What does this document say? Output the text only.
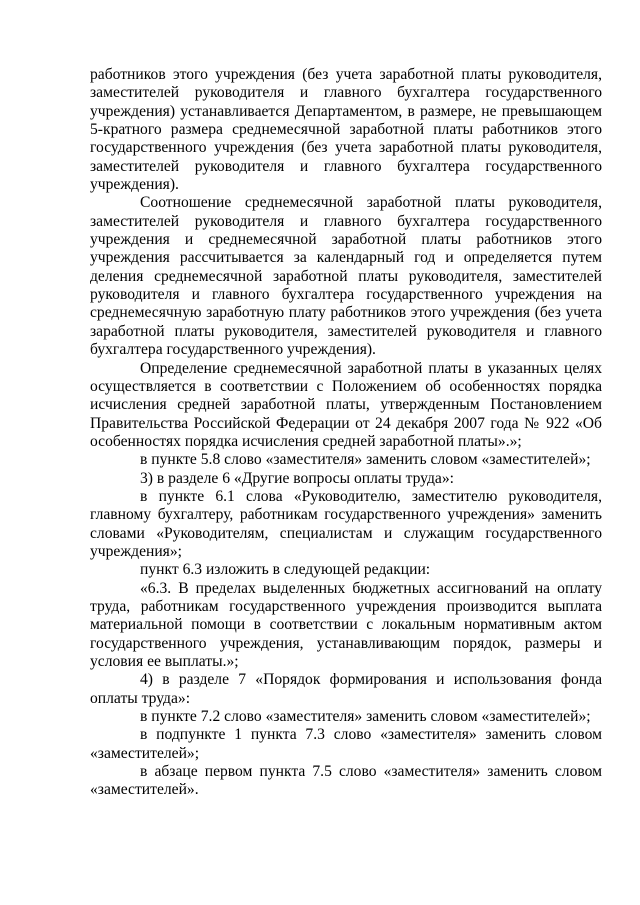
работников этого учреждения (без учета заработной платы руководителя, заместителей руководителя и главного бухгалтера государственного учреждения) устанавливается Департаментом, в размере, не превышающем 5-кратного размера среднемесячной заработной платы работников этого государственного учреждения (без учета заработной платы руководителя, заместителей руководителя и главного бухгалтера государственного учреждения).

Соотношение среднемесячной заработной платы руководителя, заместителей руководителя и главного бухгалтера государственного учреждения и среднемесячной заработной платы работников этого учреждения рассчитывается за календарный год и определяется путем деления среднемесячной заработной платы руководителя, заместителей руководителя и главного бухгалтера государственного учреждения на среднемесячную заработную плату работников этого учреждения (без учета заработной платы руководителя, заместителей руководителя и главного бухгалтера государственного учреждения).

Определение среднемесячной заработной платы в указанных целях осуществляется в соответствии с Положением об особенностях порядка исчисления средней заработной платы, утвержденным Постановлением Правительства Российской Федерации от 24 декабря 2007 года № 922 «Об особенностях порядка исчисления средней заработной платы».»;

в пункте 5.8 слово «заместителя» заменить словом «заместителей»;

3) в разделе 6 «Другие вопросы оплаты труда»:

в пункте 6.1 слова «Руководителю, заместителю руководителя, главному бухгалтеру, работникам государственного учреждения» заменить словами «Руководителям, специалистам и служащим государственного учреждения»;

пункт 6.3 изложить в следующей редакции:

«6.3. В пределах выделенных бюджетных ассигнований на оплату труда, работникам государственного учреждения производится выплата материальной помощи в соответствии с локальным нормативным актом государственного учреждения, устанавливающим порядок, размеры и условия ее выплаты.»;

4) в разделе 7 «Порядок формирования и использования фонда оплаты труда»:

в пункте 7.2 слово «заместителя» заменить словом «заместителей»;

в подпункте 1 пункта 7.3 слово «заместителя» заменить словом «заместителей»;

в абзаце первом пункта 7.5 слово «заместителя» заменить словом «заместителей».
